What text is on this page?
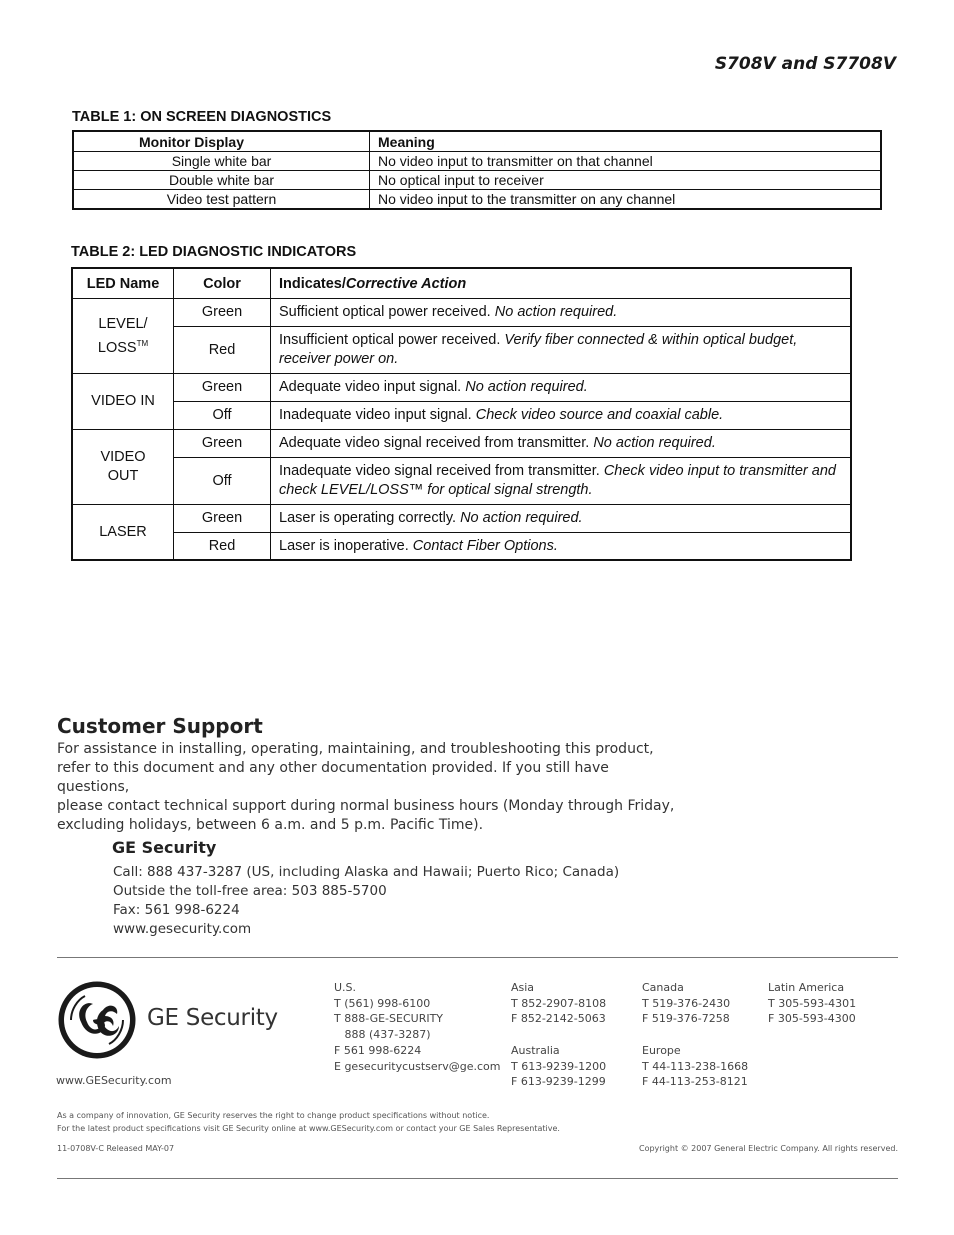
S708V and S7708V
TABLE 1: ON SCREEN DIAGNOSTICS
Monitor Display	Meaning
Single white bar	No video input to transmitter on that channel
Double white bar	No optical input to receiver
Video test pattern	No video input to the transmitter on any channel
TABLE 2: LED DIAGNOSTIC INDICATORS
LED Name	Color	Indicates/Corrective Action
LEVEL/
LOSS™	Green	Sufficient optical power received. No action required.
	Red	Insufficient optical power received. Verify fiber connected & within optical budget, receiver power on.
VIDEO IN	Green	Adequate video input signal. No action required.
	Off	Inadequate video input signal. Check video source and coaxial cable.
VIDEO
OUT	Green	Adequate video signal received from transmitter. No action required.
	Off	Inadequate video signal received from transmitter. Check video input to transmitter and check LEVEL/LOSS™ for optical signal strength.
LASER	Green	Laser is operating correctly. No action required.
	Red	Laser is inoperative. Contact Fiber Options.
Customer Support
For assistance in installing, operating, maintaining, and troubleshooting this product,
refer to this document and any other documentation provided. If you still have questions,
please contact technical support during normal business hours (Monday through Friday,
excluding holidays, between 6 a.m. and 5 p.m. Pacific Time).
GE Security
Call: 888 437-3287 (US, including Alaska and Hawaii; Puerto Rico; Canada)
Outside the toll-free area: 503 885-5700
Fax: 561 998-6224
www.gesecurity.com
GE Security
www.GESecurity.com
U.S.
T (561) 998-6100
T 888-GE-SECURITY
888 (437-3287)
F 561 998-6224
E gesecuritycustserv@ge.com
Asia
T 852-2907-8108
F 852-2142-5063
Australia
T 613-9239-1200
F 613-9239-1299
Canada
T 519-376-2430
F 519-376-7258
Europe
T 44-113-238-1668
F 44-113-253-8121
Latin America
T 305-593-4301
F 305-593-4300
As a company of innovation, GE Security reserves the right to change product specifications without notice.
For the latest product specifications visit GE Security online at www.GESecurity.com or contact your GE Sales Representative.
11-0708V-C Released MAY-07	Copyright © 2007 General Electric Company. All rights reserved.
